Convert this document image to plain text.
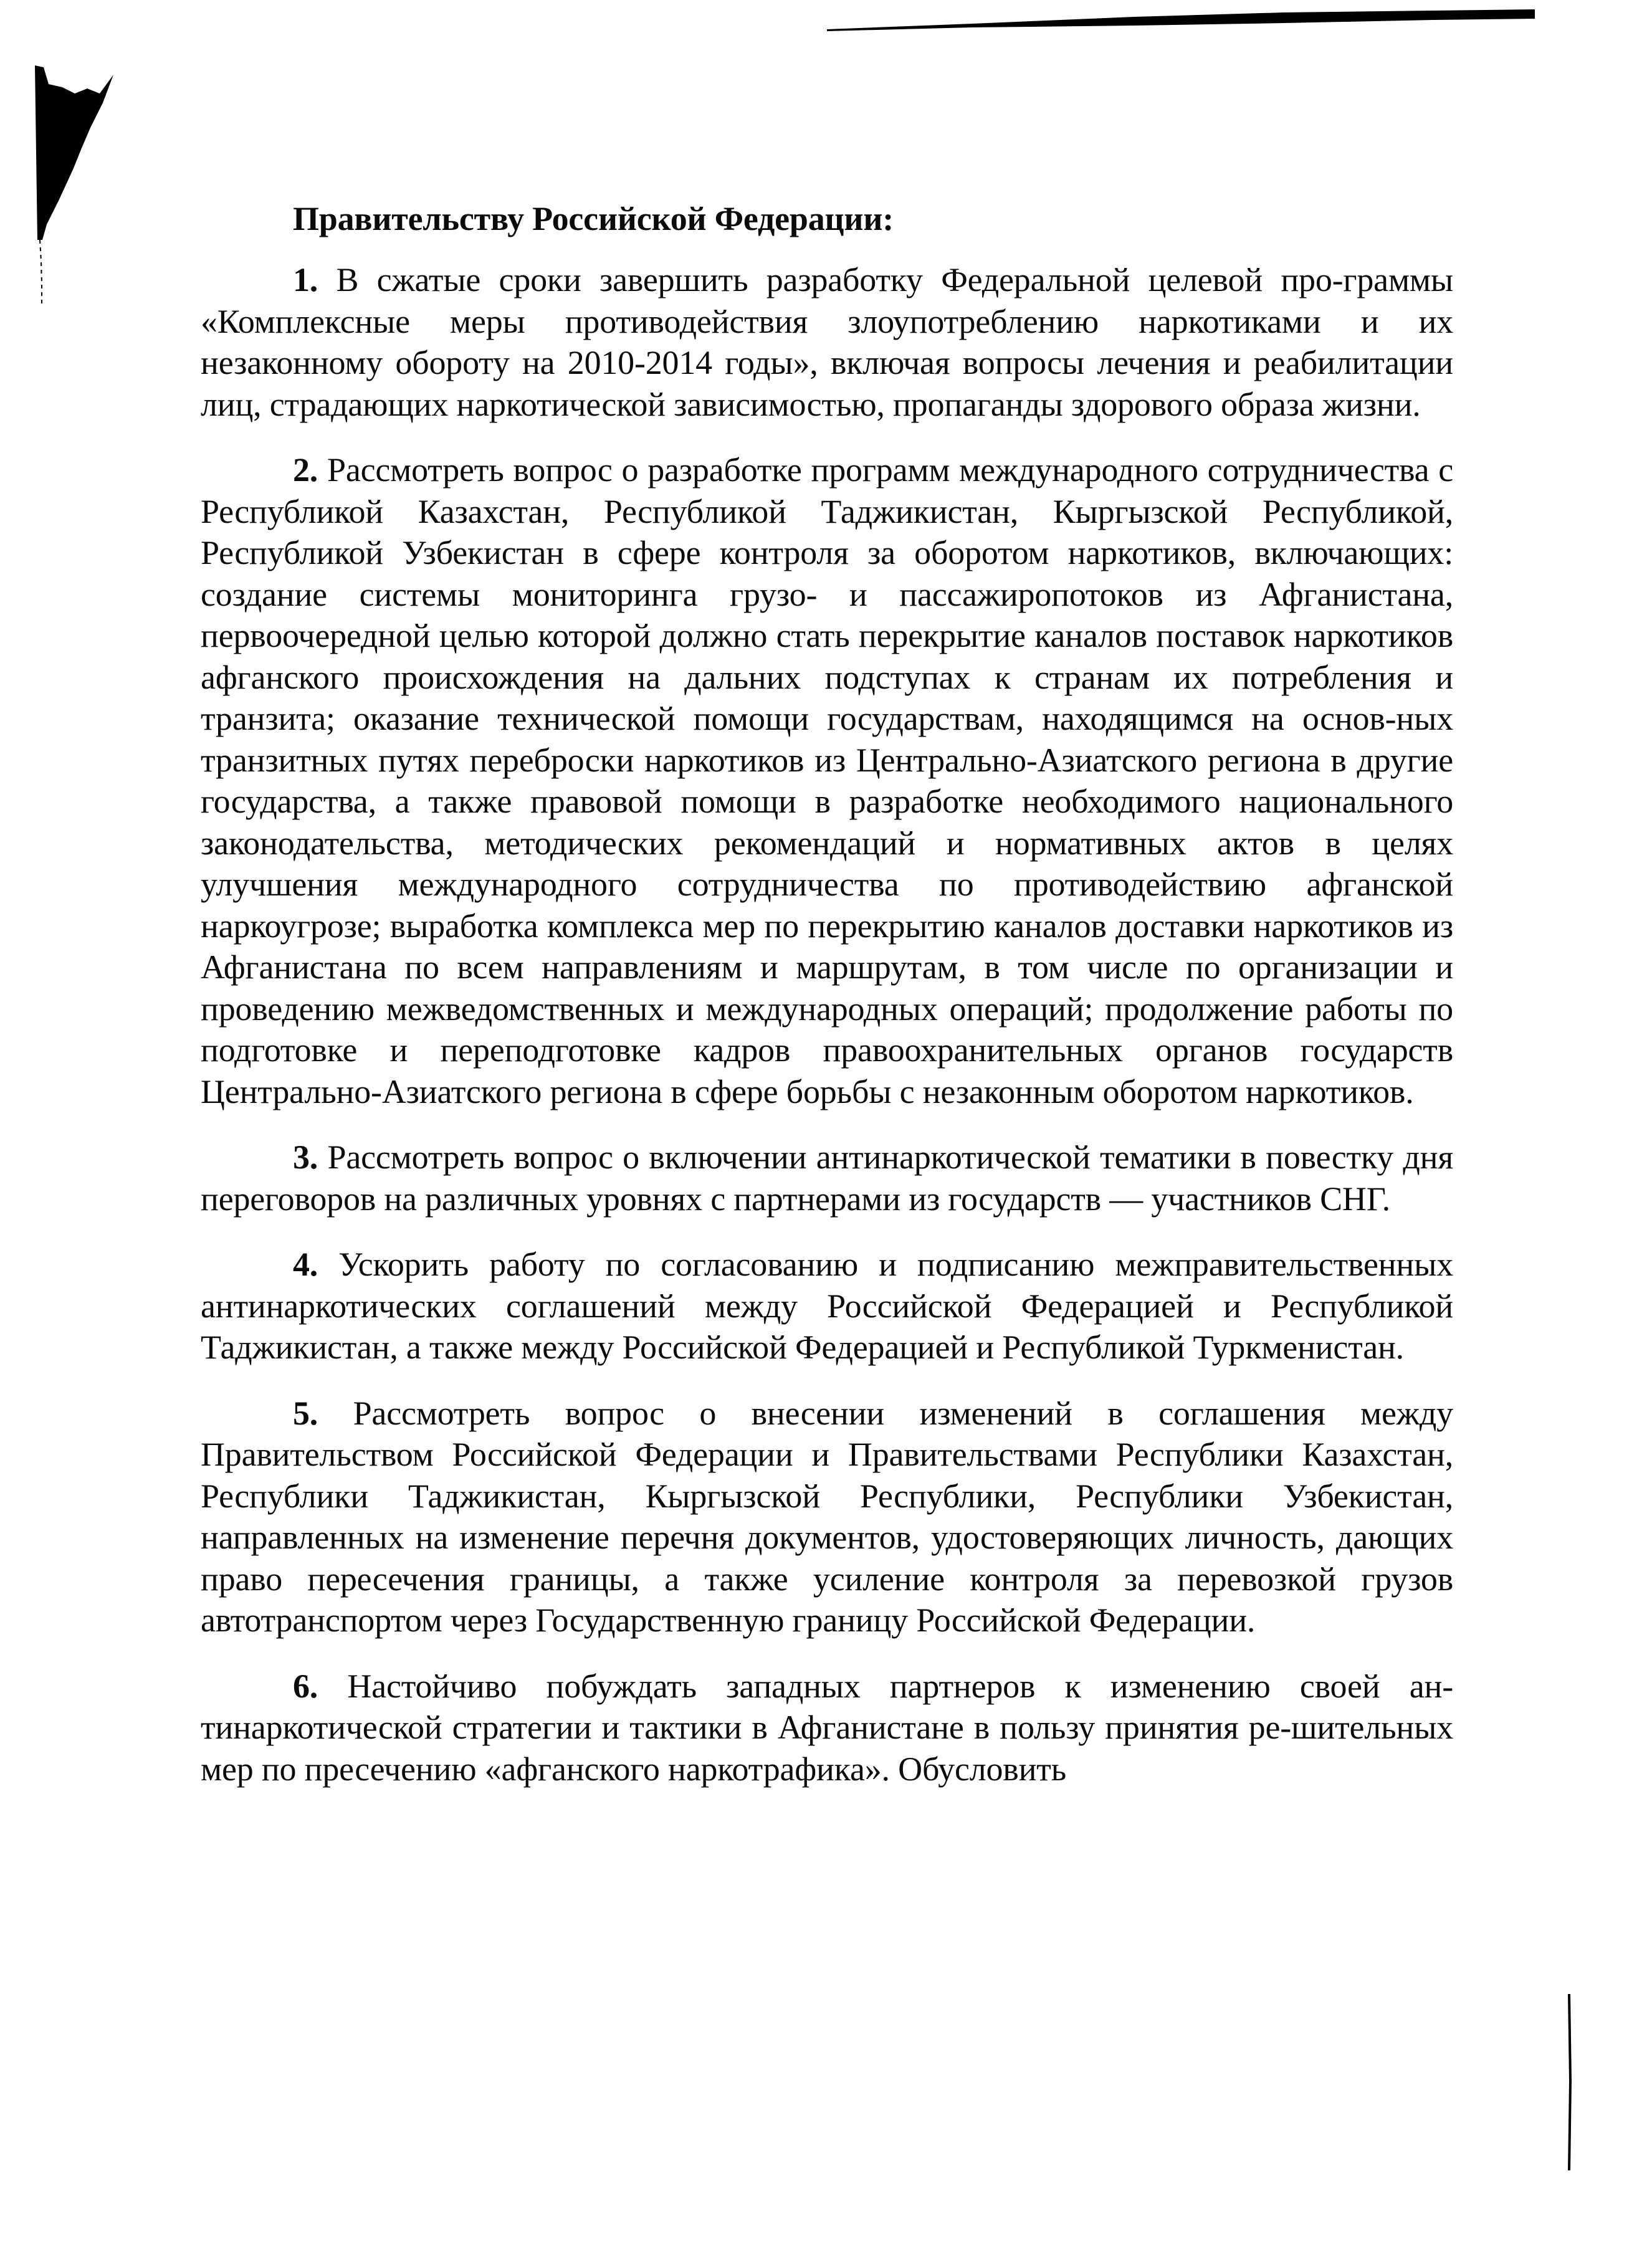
Правительству Российской Федерации:

1. В сжатые сроки завершить разработку Федеральной целевой про-граммы «Комплексные меры противодействия злоупотреблению наркотиками и их незаконному обороту на 2010-2014 годы», включая вопросы лечения и реабилитации лиц, страдающих наркотической зависимостью, пропаганды здорового образа жизни.

2. Рассмотреть вопрос о разработке программ международного сотрудничества с Республикой Казахстан, Республикой Таджикистан, Кыргызской Республикой, Республикой Узбекистан в сфере контроля за оборотом наркотиков, включающих: создание системы мониторинга грузо- и пассажиропотоков из Афганистана, первоочередной целью которой должно стать перекрытие каналов поставок наркотиков афганского происхождения на дальних подступах к странам их потребления и транзита; оказание технической помощи государствам, находящимся на основ-ных транзитных путях переброски наркотиков из Центрально-Азиатского региона в другие государства, а также правовой помощи в разработке необходимого национального законодательства, методических рекомендаций и нормативных актов в целях улучшения международного сотрудничества по противодействию афганской наркоугрозе; выработка комплекса мер по перекрытию каналов доставки наркотиков из Афганистана по всем направлениям и маршрутам, в том числе по организации и проведению межведомственных и международных операций; продолжение работы по подготовке и переподготовке кадров правоохранительных органов государств Центрально-Азиатского региона в сфере борьбы с незаконным оборотом наркотиков.

3. Рассмотреть вопрос о включении антинаркотической тематики в повестку дня переговоров на различных уровнях с партнерами из государств — участников СНГ.

4. Ускорить работу по согласованию и подписанию межправительственных антинаркотических соглашений между Российской Федерацией и Республикой Таджикистан, а также между Российской Федерацией и Республикой Туркменистан.

5. Рассмотреть вопрос о внесении изменений в соглашения между Правительством Российской Федерации и Правительствами Республики Казахстан, Республики Таджикистан, Кыргызской Республики, Республики Узбекистан, направленных на изменение перечня документов, удостоверяющих личность, дающих право пересечения границы, а также усиление контроля за перевозкой грузов автотранспортом через Государственную границу Российской Федерации.

6. Настойчиво побуждать западных партнеров к изменению своей ан-тинаркотической стратегии и тактики в Афганистане в пользу принятия ре-шительных мер по пресечению «афганского наркотрафика». Обусловить
